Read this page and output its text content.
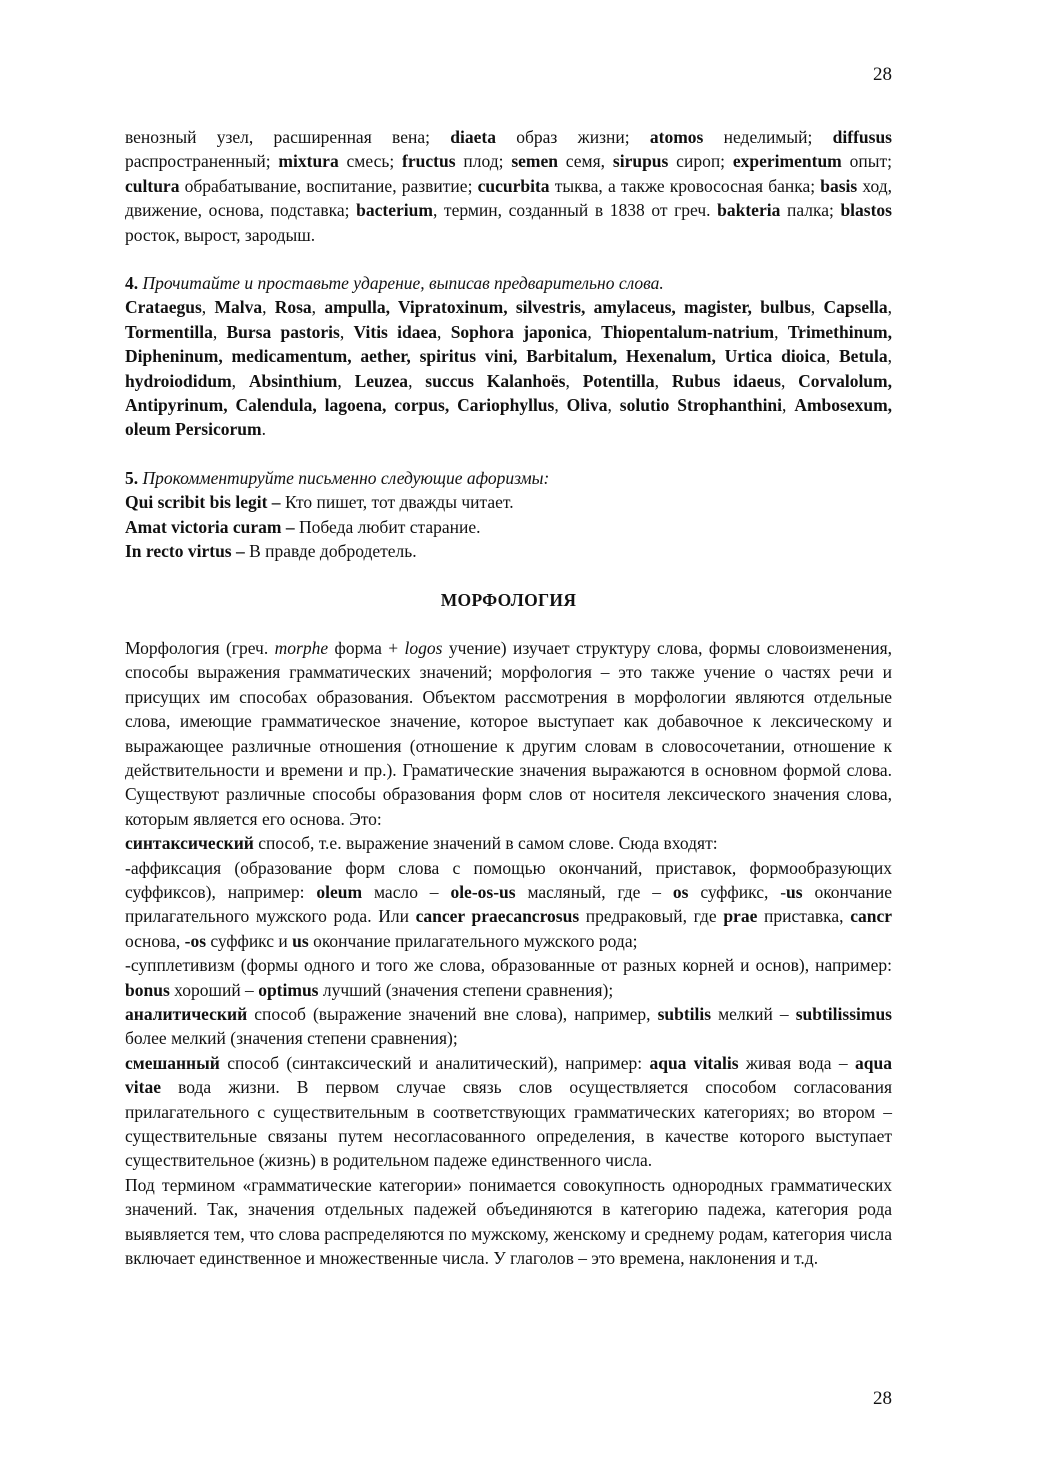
28

венозный узел, расширенная вена; diaeta образ жизни; atomos неделимый; diffusus распространенный; mixtura смесь; fructus плод; semen семя, sirupus сироп; experimentum опыт; cultura обрабатывание, воспитание, развитие; cucurbita тыква, а также кровососная банка; basis ход, движение, основа, подставка; bacterium, термин, созданный в 1838 от греч. bakteria палка; blastos росток, вырост, зародыш.

4. Прочитайте и проставьте ударение, выписав предварительно слова.

Crataegus, Malva, Rosa, ampulla, Vipratoxinum, silvestris, amylaceus, magister, bulbus, Capsella, Tormentilla, Bursa pastoris, Vitis idaea, Sophora japonica, Thiopentalum-natrium, Trimethinum, Dipheninum, medicamentum, aether, spiritus vini, Barbitalum, Hexenalum, Urtica dioica, Betula, hydroiodidum, Absinthium, Leuzea, succus Kalanhoës, Potentilla, Rubus idaeus, Corvalolum, Antipyrinum, Calendula, lagoena, corpus, Cariophyllus, Oliva, solutio Strophanthini, Ambosexum, oleum Persicorum.

5. Прокомментируйте письменно следующие афоризмы:

Qui scribit bis legit – Кто пишет, тот дважды читает.

Amat victoria curam – Победа любит старание.

In recto virtus – В правде добродетель.

МОРФОЛОГИЯ

Морфология (греч. morphe форма + logos учение) изучает структуру слова, формы словоизменения, способы выражения грамматических значений; морфология – это также учение о частях речи и присущих им способах образования. Объектом рассмотрения в морфологии являются отдельные слова, имеющие грамматическое значение, которое выступает как добавочное к лексическому и выражающее различные отношения (отношение к другим словам в словосочетании, отношение к действительности и времени и пр.). Граматические значения выражаются в основном формой слова. Существуют различные способы образования форм слов от носителя лексического значения слова, которым является его основа. Это:

синтаксический способ, т.е. выражение значений в самом слове. Сюда входят:

-аффиксация (образование форм слова с помощью окончаний, приставок, формообразующих суффиксов), например: oleum масло – ole-os-us масляный, где – os суффикс, -us окончание прилагательного мужского рода. Или cancer praecancrosus предраковый, где prae приставка, cancr основа, -os суффикс и us окончание прилагательного мужского рода;

-супплетивизм (формы одного и того же слова, образованные от разных корней и основ), например: bonus хороший – optimus лучший (значения степени сравнения);

аналитический способ (выражение значений вне слова), например, subtilis мелкий – subtilissimus более мелкий (значения степени сравнения);

смешанный способ (синтаксический и аналитический), например: aqua vitalis живая вода – aqua vitae вода жизни. В первом случае связь слов осуществляется способом согласования прилагательного с существительным в соответствующих грамматических категориях; во втором – существительные связаны путем несогласованного определения, в качестве которого выступает существительное (жизнь) в родительном падеже единственного числа.

Под термином «грамматические категории» понимается совокупность однородных грамматических значений. Так, значения отдельных падежей объединяются в категорию падежа, категория рода выявляется тем, что слова распределяются по мужскому, женскому и среднему родам, категория числа включает единственное и множественные числа. У глаголов – это времена, наклонения и т.д.

28
